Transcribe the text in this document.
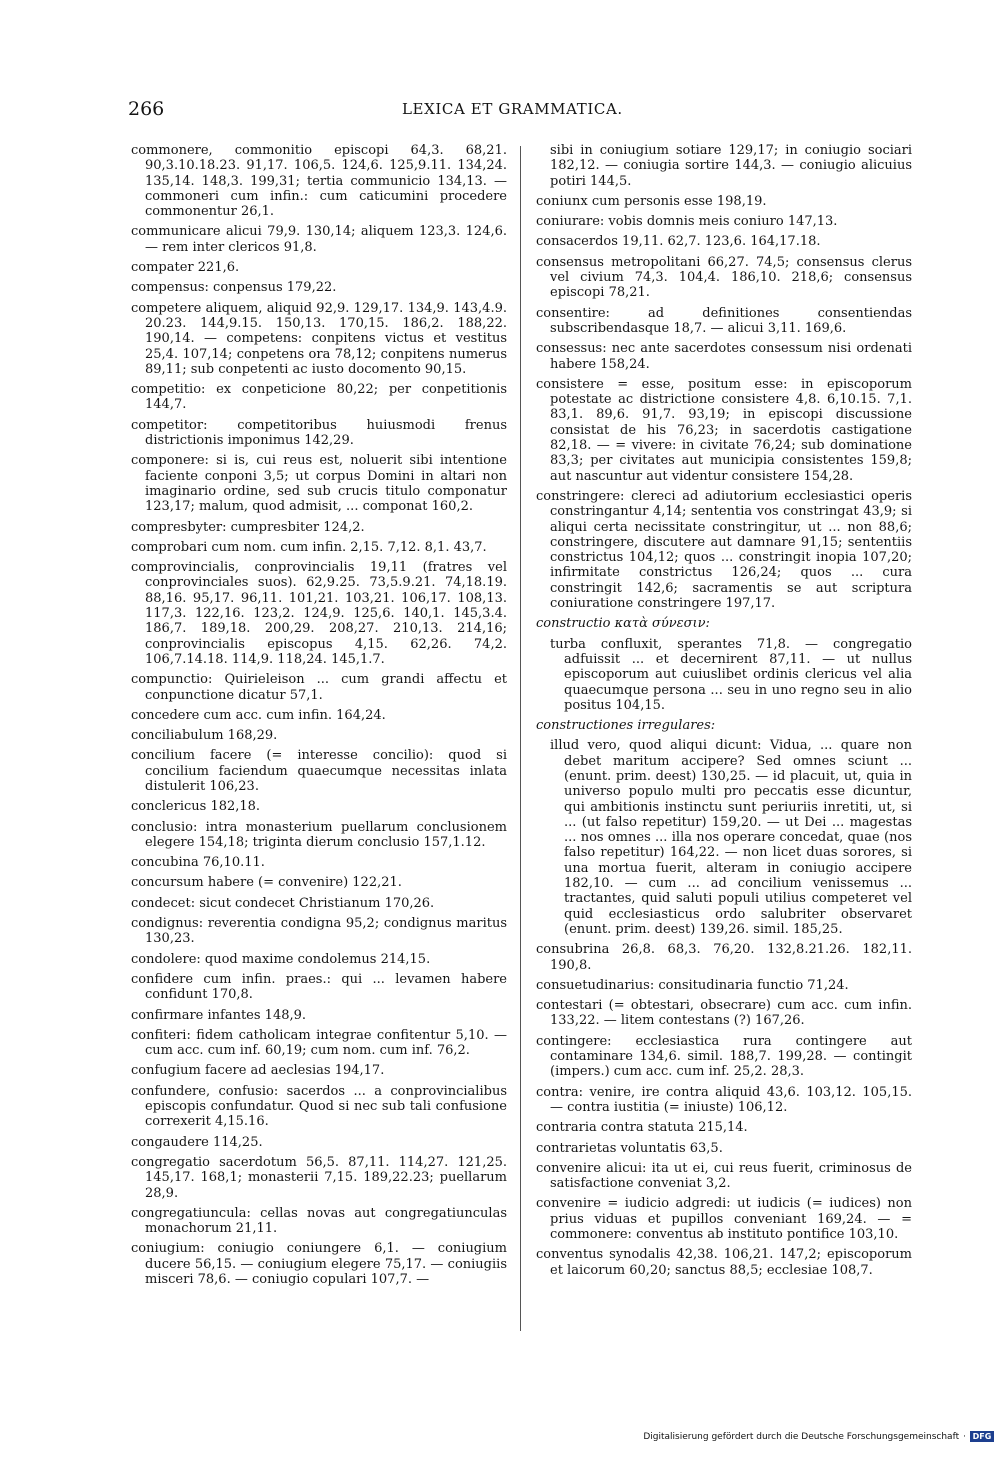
266	LEXICA ET GRAMMATICA.

commonere, commonitio episcopi 64,3. 68,21. 90,3.10.18.23. 91,17. 106,5. 124,6. 125,9.11. 134,24. 135,14. 148,3. 199,31; tertia communicio 134,13. — commoneri cum infin.: cum caticumini procedere commonentur 26,1.

communicare alicui 79,9. 130,14; aliquem 123,3. 124,6. — rem inter clericos 91,8.

compater 221,6.

compensus: conpensus 179,22.

competere aliquem, aliquid 92,9. 129,17. 134,9. 143,4.9. 20.23. 144,9.15. 150,13. 170,15. 186,2. 188,22. 190,14. — competens: conpitens victus et vestitus 25,4. 107,14; conpetens ora 78,12; conpitens numerus 89,11; sub conpetenti ac iusto docomento 90,15.

competitio: ex conpeticione 80,22; per conpetitionis 144,7.

competitor: competitoribus huiusmodi frenus districtionis imponimus 142,29.

componere: si is, cui reus est, noluerit sibi intentione faciente conponi 3,5; ut corpus Domini in altari non imaginario ordine, sed sub crucis titulo componatur 123,17; malum, quod admisit, ... componat 160,2.

compresbyter: cumpresbiter 124,2.

comprobari cum nom. cum infin. 2,15. 7,12. 8,1. 43,7.

comprovincialis, conprovincialis 19,11 (fratres vel conprovinciales suos). 62,9.25. 73,5.9.21. 74,18.19. 88,16. 95,17. 96,11. 101,21. 103,21. 106,17. 108,13. 117,3. 122,16. 123,2. 124,9. 125,6. 140,1. 145,3.4. 186,7. 189,18. 200,29. 208,27. 210,13. 214,16; conprovincialis episcopus 4,15. 62,26. 74,2. 106,7.14.18. 114,9. 118,24. 145,1.7.

compunctio: Quirieleison ... cum grandi affectu et conpunctione dicatur 57,1.

concedere cum acc. cum infin. 164,24.

conciliabulum 168,29.

concilium facere (= interesse concilio): quod si concilium faciendum quaecumque necessitas inlata distulerit 106,23.

conclericus 182,18.

conclusio: intra monasterium puellarum conclusionem elegere 154,18; triginta dierum conclusio 157,1.12.

concubina 76,10.11.

concursum habere (= convenire) 122,21.

condecet: sicut condecet Christianum 170,26.

condignus: reverentia condigna 95,2; condignus maritus 130,23.

condolere: quod maxime condolemus 214,15.

confidere cum infin. praes.: qui ... levamen habere confidunt 170,8.

confirmare infantes 148,9.

confiteri: fidem catholicam integrae confitentur 5,10. — cum acc. cum inf. 60,19; cum nom. cum inf. 76,2.

confugium facere ad aeclesias 194,17.

confundere, confusio: sacerdos ... a conprovincialibus episcopis confundatur. Quod si nec sub tali confusione correxerit 4,15.16.

congaudere 114,25.

congregatio sacerdotum 56,5. 87,11. 114,27. 121,25. 145,17. 168,1; monasterii 7,15. 189,22.23; puellarum 28,9.

congregatiuncula: cellas novas aut congregatiunculas monachorum 21,11.

coniugium: coniugio coniungere 6,1. — coniugium ducere 56,15. — coniugium elegere 75,17. — coniugiis misceri 78,6. — coniugio copulari 107,7. —

sibi in coniugium sotiare 129,17; in coniugio sociari 182,12. — coniugia sortire 144,3. — coniugio alicuius potiri 144,5.

coniunx cum personis esse 198,19.

coniurare: vobis domnis meis coniuro 147,13.

consacerdos 19,11. 62,7. 123,6. 164,17.18.

consensus metropolitani 66,27. 74,5; consensus clerus vel civium 74,3. 104,4. 186,10. 218,6; consensus episcopi 78,21.

consentire: ad definitiones consentiendas subscribendasque 18,7. — alicui 3,11. 169,6.

consessus: nec ante sacerdotes consessum nisi ordenati habere 158,24.

consistere = esse, positum esse: in episcoporum potestate ac districtione consistere 4,8. 6,10.15. 7,1. 83,1. 89,6. 91,7. 93,19; in episcopi discussione consistat de his 76,23; in sacerdotis castigatione 82,18. — = vivere: in civitate 76,24; sub dominatione 83,3; per civitates aut municipia consistentes 159,8; aut nascuntur aut videntur consistere 154,28.

constringere: clereci ad adiutorium ecclesiastici operis constringantur 4,14; sententia vos constringat 43,9; si aliqui certa necissitate constringitur, ut ... non 88,6; constringere, discutere aut damnare 91,15; sententiis constrictus 104,12; quos ... constringit inopia 107,20; infirmitate constrictus 126,24; quos ... cura constringit 142,6; sacramentis se aut scriptura coniuratione constringere 197,17.

constructio κατὰ σύνεσιν:

turba confluxit, sperantes 71,8. — congregatio adfuissit ... et decernirent 87,11. — ut nullus episcoporum aut cuiuslibet ordinis clericus vel alia quaecumque persona ... seu in uno regno seu in alio positus 104,15.

constructiones irregulares:

illud vero, quod aliqui dicunt: Vidua, ... quare non debet maritum accipere? Sed omnes sciunt ... (enunt. prim. deest) 130,25. — id placuit, ut, quia in universo populo multi pro peccatis esse dicuntur, qui ambitionis instinctu sunt periuriis inretiti, ut, si ... (ut falso repetitur) 159,20. — ut Dei ... magestas ... nos omnes ... illa nos operare concedat, quae (nos falso repetitur) 164,22. — non licet duas sorores, si una mortua fuerit, alteram in coniugio accipere 182,10. — cum ... ad concilium venissemus ... tractantes, quid saluti populi utilius competeret vel quid ecclesiasticus ordo salubriter observaret (enunt. prim. deest) 139,26. simil. 185,25.

consubrina 26,8. 68,3. 76,20. 132,8.21.26. 182,11. 190,8.

consuetudinarius: consitudinaria functio 71,24.

contestari (= obtestari, obsecrare) cum acc. cum infin. 133,22. — litem contestans (?) 167,26.

contingere: ecclesiastica rura contingere aut contaminare 134,6. simil. 188,7. 199,28. — contingit (impers.) cum acc. cum inf. 25,2. 28,3.

contra: venire, ire contra aliquid 43,6. 103,12. 105,15. — contra iustitia (= iniuste) 106,12.

contraria contra statuta 215,14.

contrarietas voluntatis 63,5.

convenire alicui: ita ut ei, cui reus fuerit, criminosus de satisfactione conveniat 3,2.

convenire = iudicio adgredi: ut iudicis (= iudices) non prius viduas et pupillos conveniant 169,24. — = commonere: conventus ab instituto pontifice 103,10.

conventus synodalis 42,38. 106,21. 147,2; episcoporum et laicorum 60,20; sanctus 88,5; ecclesiae 108,7.

Digitalisierung gefördert durch die Deutsche Forschungsgemeinschaft · DFG
